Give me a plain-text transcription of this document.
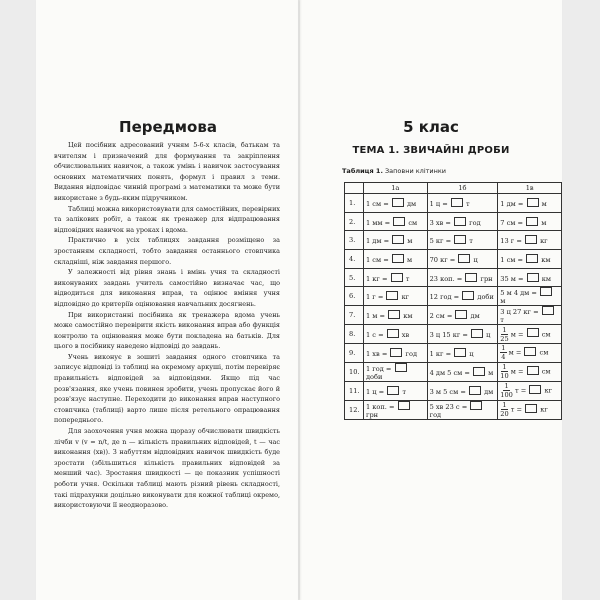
Передмова

Цей посібник адресований учням 5-6-х класів, батькам та вчителям і призначений для формування та закріплення обчислювальних навичок, а також умінь і навичок застосування основних математичних понять, формул і правил з теми. Видання відповідає чинній програмі з математики та може бути використане з будь-яким підручником.

Таблиці можна використовувати для самостійних, перевірних та залікових робіт, а також як тренажер для відпрацювання відповідних навичок на уроках і вдома.

Практично в усіх таблицях завдання розміщено за зростанням складності, тобто завдання останнього стовпчика складніші, ніж завдання першого.

У залежності від рівня знань і вмінь учня та складності виконуваних завдань учитель самостійно визначає час, що відводиться для виконання вправ, та оцінює вміння учня відповідно до критеріїв оцінювання навчальних досягнень.

При використанні посібника як тренажера вдома учень може самостійно перевірити якість виконання вправ або функція контролю та оцінювання може бути покладена на батьків. Для цього в посібнику наведено відповіді до завдань.

Учень виконує в зошиті завдання одного стовпчика та записує відповіді із таблиці на окремому аркуші, потім перевіряє правильність відповідей за відповідями. Якщо під час розв'язання, яке учень повинен зробити, учень пропускає його й розв'язує наступне. Переходити до виконання вправ наступного стовпчика (таблиці) варто лише після ретельного опрацювання попереднього.

Для заохочення учня можна щоразу обчислювати швидкість лічби v (v = n/t, де n — кількість правильних відповідей, t — час виконання (хв)). З набуттям відповідних навичок швидкість буде зростати (збільшиться кількість правильних відповідей за менший час). Зростання швидкості — це показник успішності роботи учня. Оскільки таблиці мають різний рівень складності, такі підрахунки доцільно виконувати для кожної таблиці окремо, використовуючи її неодноразово.

5 клас
ТЕМА 1. ЗВИЧАЙНІ ДРОБИ
Таблиця 1. Заповни клітинки
	1а	1б	1в
1.	1 см =  дм	1 ц =  т	1 дм =  м
2.	1 мм =  см	3 хв =  год	7 см =  м
3.	1 дм =  м	5 кг =  т	13 г =  кг
4.	1 см =  м	70 кг =  ц	1 см =  км
5.	1 кг =  т	23 коп. =  грн	35 м =  км
6.	1 г =  кг	12 год =  доби	5 м 4 дм =  м
7.	1 м =  км	2 см =  дм	3 ц 27 кг =  т
8.	1 с =  хв	3 ц 15 кг =  ц	$\frac{1}{25}$ м =  см
9.	1 хв =  год	1 кг =  ц	$\frac{1}{4}$ м =  см
10.	1 год =  доби	4 дм 5 см =  м	$\frac{1}{10}$ м =  см
11.	1 ц =  т	3 м 5 см =  дм	$\frac{1}{100}$ т =  кг
12.	1 коп. =  грн	5 хв 23 с =  год	$\frac{1}{20}$ т =  кг
